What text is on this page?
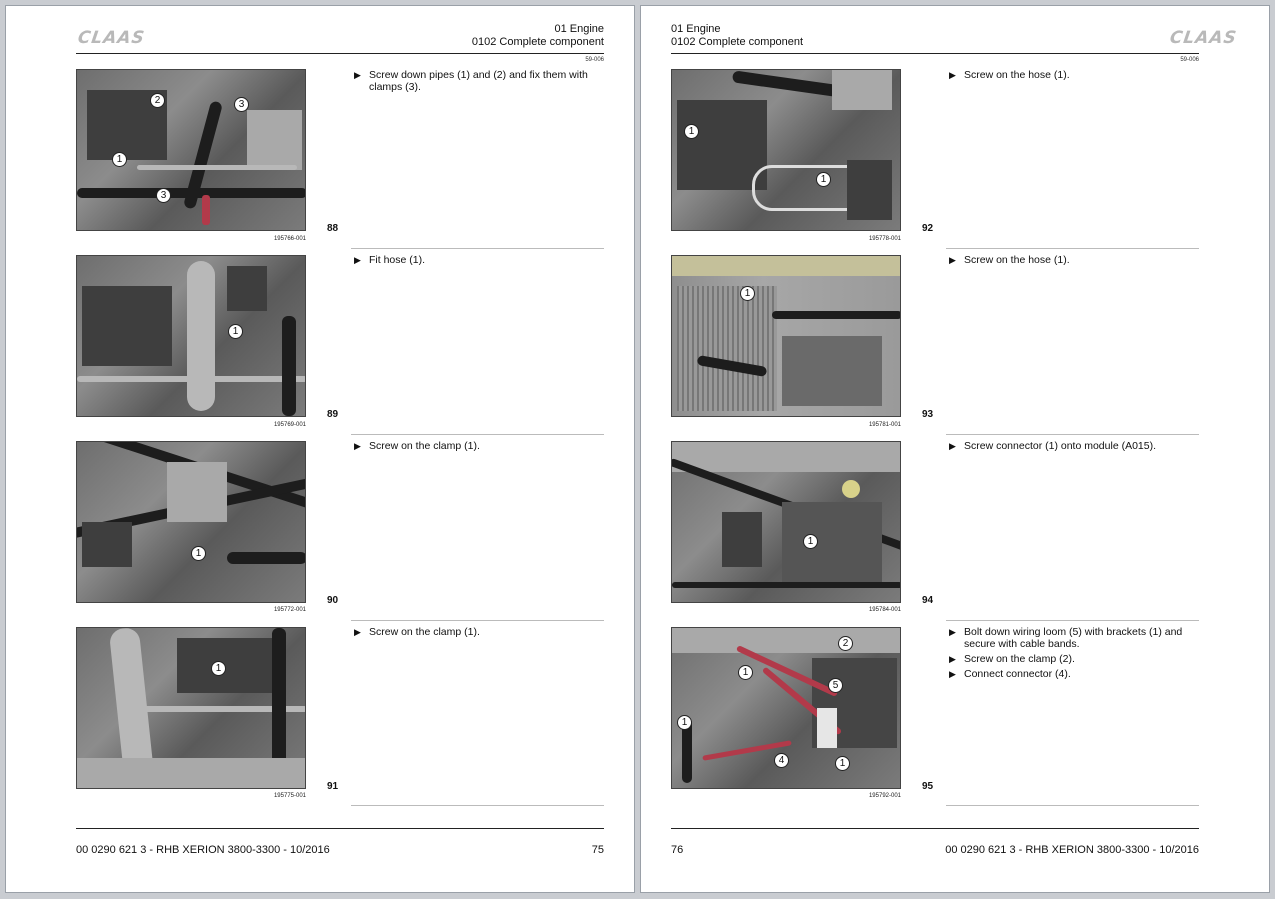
CLAAS	01 Engine
0102 Complete component
59-006
2	3
1
3
195766-001
88
▶ Screw down pipes (1) and (2) and fix them with clamps (3).
1
195769-001
89
▶ Fit hose (1).
1
195772-001
90
▶ Screw on the clamp (1).
1
195775-001
91
▶ Screw on the clamp (1).
00 0290 621 3 - RHB XERION 3800-3300 - 10/2016	75
01 Engine
0102 Complete component	CLAAS
59-006
1
1
195778-001
92
▶ Screw on the hose (1).
1
195781-001
93
▶ Screw on the hose (1).
1
195784-001
94
▶ Screw connector (1) onto module (A015).
2
1
5
1
4	1
195792-001
95
▶ Bolt down wiring loom (5) with brackets (1) and secure with cable bands.
▶ Screw on the clamp (2).
▶ Connect connector (4).
76	00 0290 621 3 - RHB XERION 3800-3300 - 10/2016
